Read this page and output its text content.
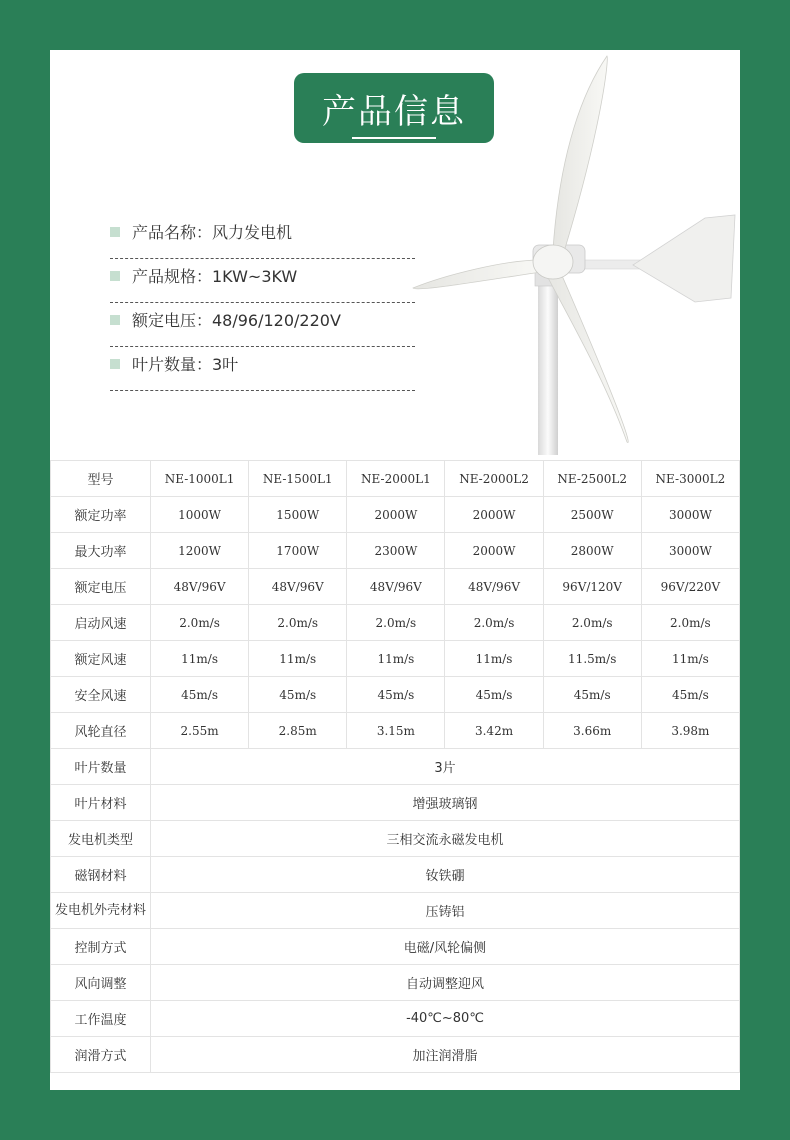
产品信息
产品名称：风力发电机
产品规格：1KW~3KW
额定电压：48/96/120/220V
叶片数量：3叶
型号	NE-1000L1	NE-1500L1	NE-2000L1	NE-2000L2	NE-2500L2	NE-3000L2
额定功率	1000W	1500W	2000W	2000W	2500W	3000W
最大功率	1200W	1700W	2300W	2000W	2800W	3000W
额定电压	48V/96V	48V/96V	48V/96V	48V/96V	96V/120V	96V/220V
启动风速	2.0m/s	2.0m/s	2.0m/s	2.0m/s	2.0m/s	2.0m/s
额定风速	11m/s	11m/s	11m/s	11m/s	11.5m/s	11m/s
安全风速	45m/s	45m/s	45m/s	45m/s	45m/s	45m/s
风轮直径	2.55m	2.85m	3.15m	3.42m	3.66m	3.98m
叶片数量	3片					
叶片材料	增强玻璃钢					
发电机类型	三相交流永磁发电机					
磁钢材料	钕铁硼					
发电机外壳材料	压铸铝					
控制方式	电磁/风轮偏侧					
风向调整	自动调整迎风					
工作温度	-40℃~80℃					
润滑方式	加注润滑脂					
